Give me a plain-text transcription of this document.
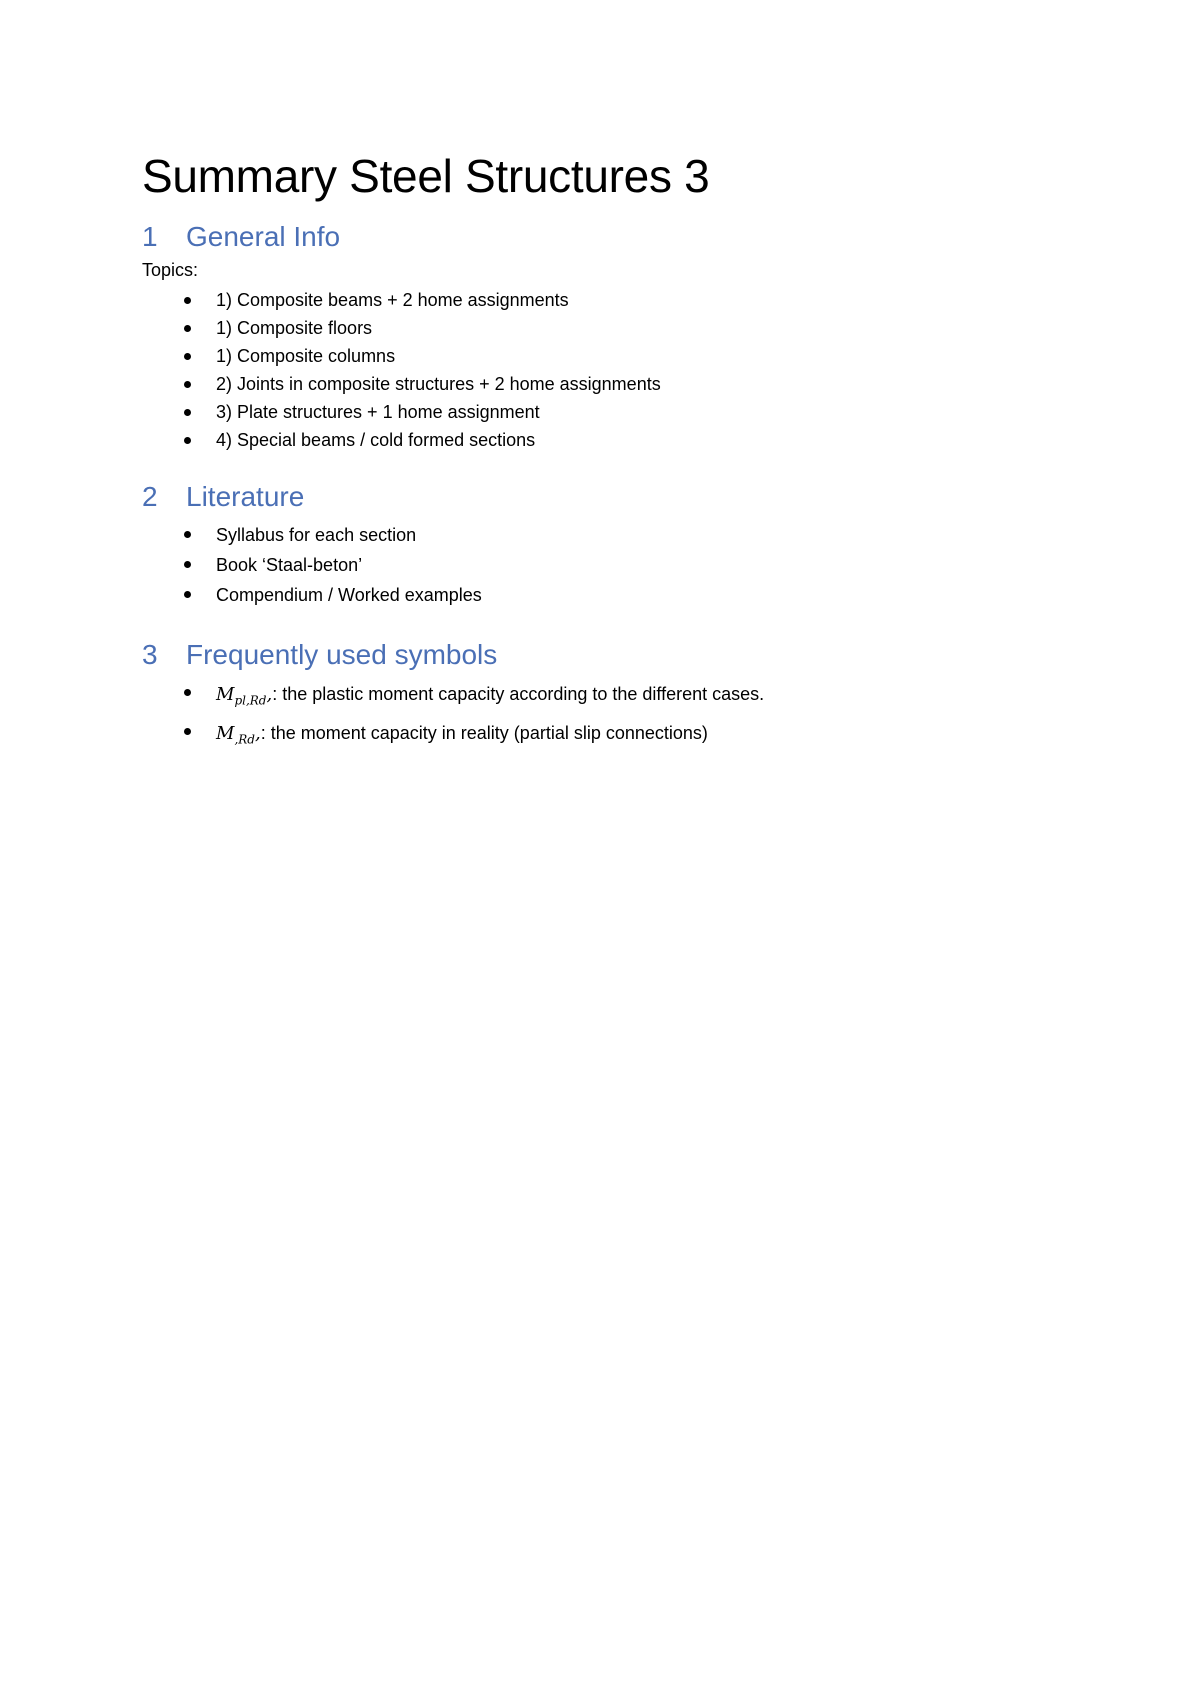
Summary Steel Structures 3
1	General Info

Topics:

1) Composite beams + 2 home assignments
1) Composite floors
1) Composite columns
2) Joints in composite structures + 2 home assignments
3) Plate structures + 1 home assignment
4) Special beams / cold formed sections
2	Literature
Syllabus for each section
Book ‘Staal-beton’
Compendium / Worked examples
3	Frequently used symbols
$M_{pl,Rd}$,: the plastic moment capacity according to the different cases.
$M_{,Rd}$,: the moment capacity in reality (partial slip connections)
